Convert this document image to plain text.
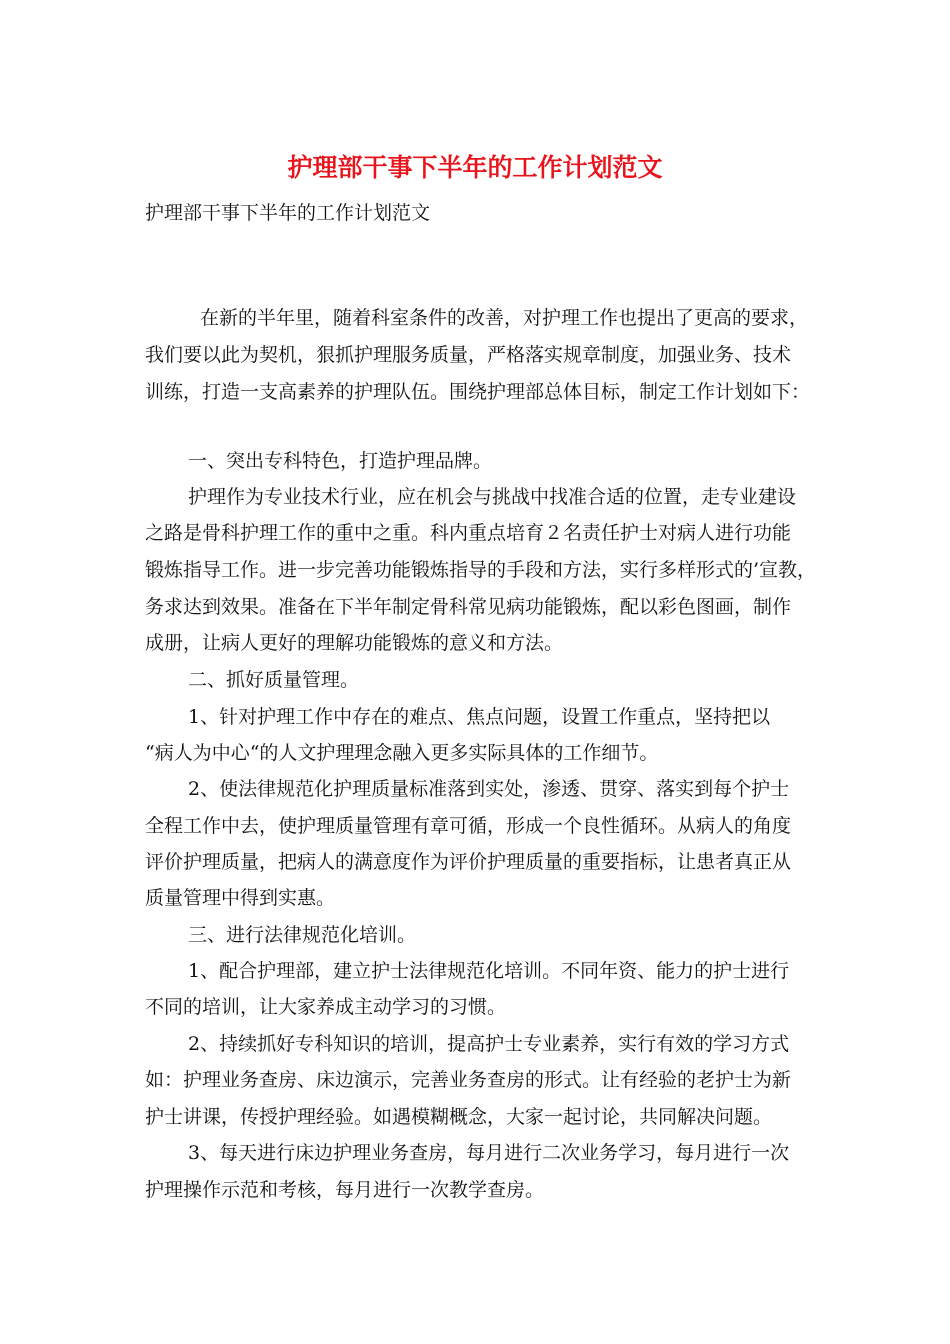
护理部干事下半年的工作计划范文
护理部干事下半年的工作计划范文
在新的半年里，随着科室条件的改善，对护理工作也提出了更高的要求，
我们要以此为契机，狠抓护理服务质量，严格落实规章制度，加强业务、技术
训练，打造一支高素养的护理队伍。围绕护理部总体目标，制定工作计划如下：
一、突出专科特色，打造护理品牌。
护理作为专业技术行业，应在机会与挑战中找准合适的位置，走专业建设
之路是骨科护理工作的重中之重。科内重点培育２名责任护士对病人进行功能
锻炼指导工作。进一步完善功能锻炼指导的手段和方法，实行多样形式的’宣教，
务求达到效果。准备在下半年制定骨科常见病功能锻炼，配以彩色图画，制作
成册，让病人更好的理解功能锻炼的意义和方法。
二、抓好质量管理。
1、针对护理工作中存在的难点、焦点问题，设置工作重点，坚持把以
“病人为中心“的人文护理理念融入更多实际具体的工作细节。
2、使法律规范化护理质量标准落到实处，渗透、贯穿、落实到每个护士
全程工作中去，使护理质量管理有章可循，形成一个良性循环。从病人的角度
评价护理质量，把病人的满意度作为评价护理质量的重要指标，让患者真正从
质量管理中得到实惠。
三、进行法律规范化培训。
1、配合护理部，建立护士法律规范化培训。不同年资、能力的护士进行
不同的培训，让大家养成主动学习的习惯。
2、持续抓好专科知识的培训，提高护士专业素养，实行有效的学习方式
如：护理业务查房、床边演示，完善业务查房的形式。让有经验的老护士为新
护士讲课，传授护理经验。如遇模糊概念，大家一起讨论，共同解决问题。
3、每天进行床边护理业务查房，每月进行二次业务学习，每月进行一次
护理操作示范和考核，每月进行一次教学查房。
